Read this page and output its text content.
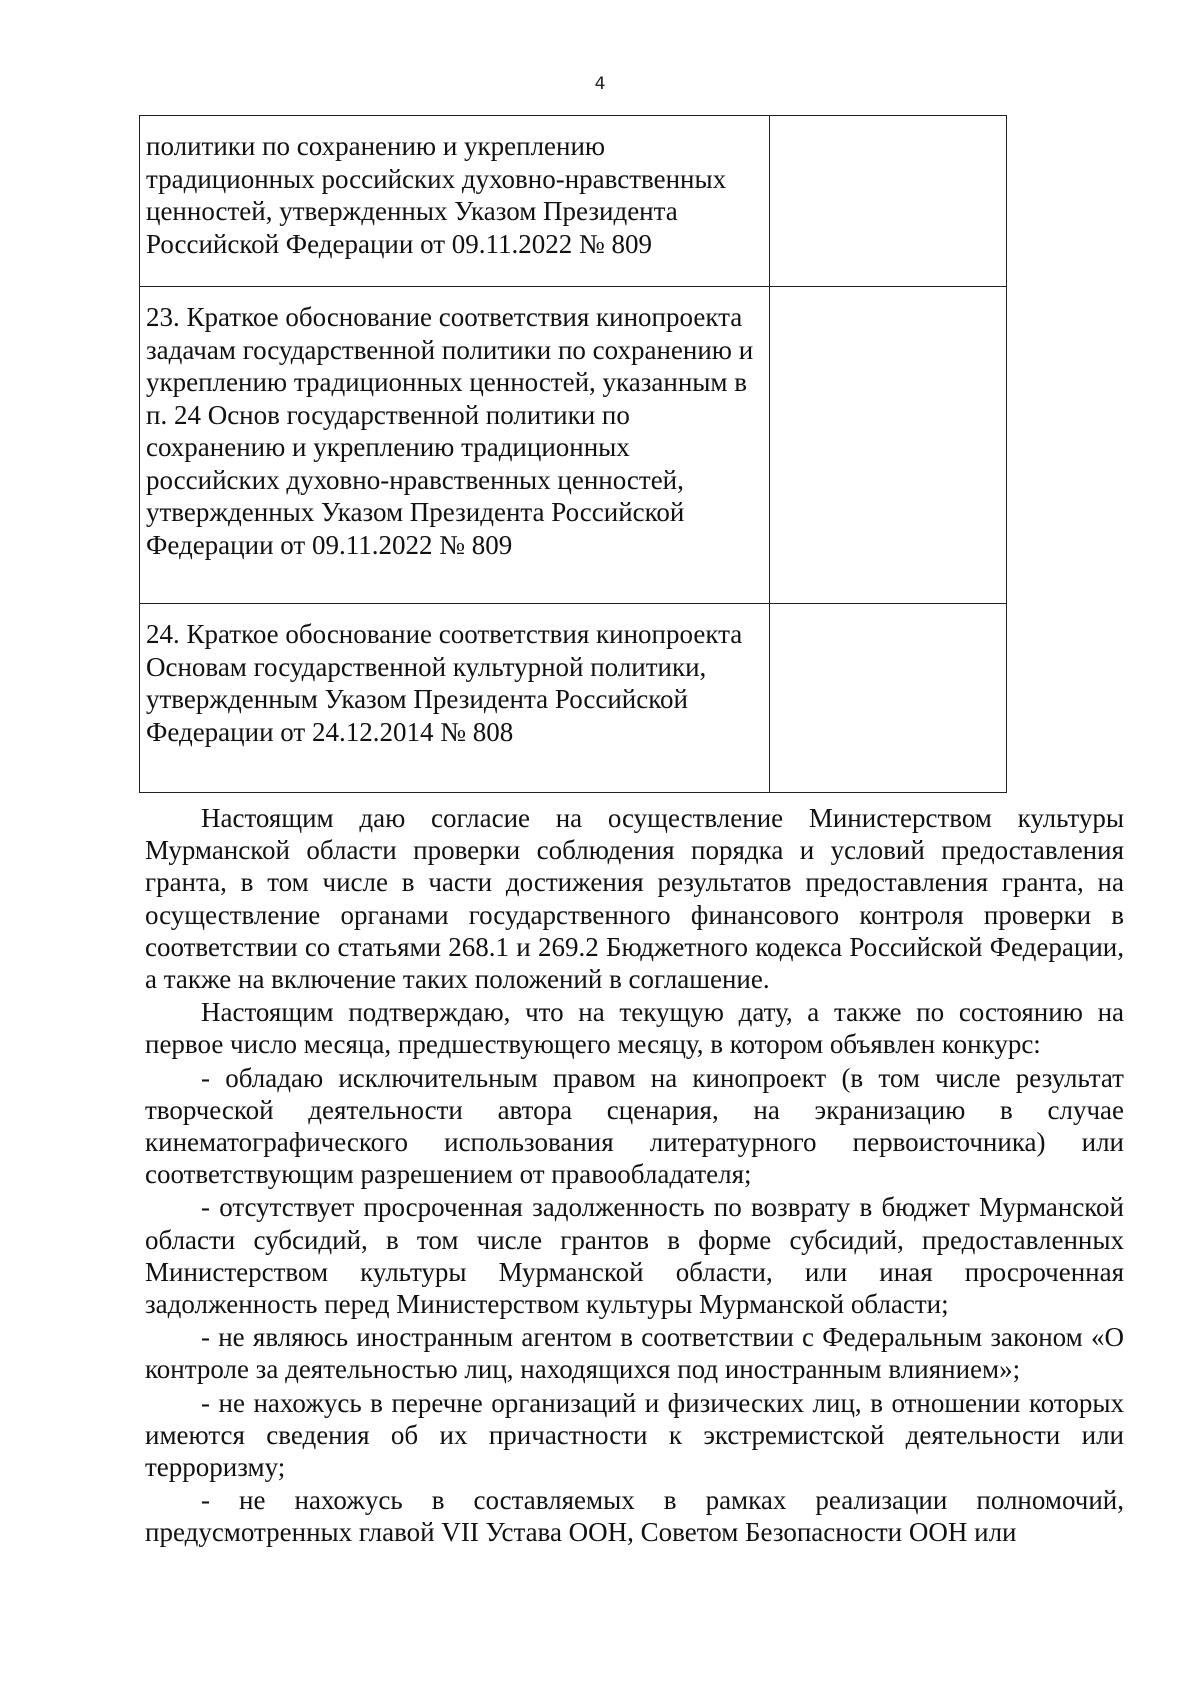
4
политики по сохранению и укреплению традиционных российских духовно-нравственных ценностей, утвержденных Указом Президента Российской Федерации от 09.11.2022 № 809	
23. Краткое обоснование соответствия кинопроекта задачам государственной политики по сохранению и укреплению традиционных ценностей, указанным в п. 24 Основ государственной политики по сохранению и укреплению традиционных российских духовно-нравственных ценностей, утвержденных Указом Президента Российской Федерации от 09.11.2022 № 809	
24. Краткое обоснование соответствия кинопроекта Основам государственной культурной политики, утвержденным Указом Президента Российской Федерации от 24.12.2014 № 808	

Настоящим даю согласие на осуществление Министерством культуры Мурманской области проверки соблюдения порядка и условий предоставления гранта, в том числе в части достижения результатов предоставления гранта, на осуществление органами государственного финансового контроля проверки в соответствии со статьями 268.1 и 269.2 Бюджетного кодекса Российской Федерации, а также на включение таких положений в соглашение.

Настоящим подтверждаю, что на текущую дату, а также по состоянию на первое число месяца, предшествующего месяцу, в котором объявлен конкурс:

- обладаю исключительным правом на кинопроект (в том числе результат творческой деятельности автора сценария, на экранизацию в случае кинематографического использования литературного первоисточника) или соответствующим разрешением от правообладателя;

- отсутствует просроченная задолженность по возврату в бюджет Мурманской области субсидий, в том числе грантов в форме субсидий, предоставленных Министерством культуры Мурманской области, или иная просроченная задолженность перед Министерством культуры Мурманской области;

- не являюсь иностранным агентом в соответствии с Федеральным законом «О контроле за деятельностью лиц, находящихся под иностранным влиянием»;

- не нахожусь в перечне организаций и физических лиц, в отношении которых имеются сведения об их причастности к экстремистской деятельности или терроризму;

- не нахожусь в составляемых в рамках реализации полномочий, предусмотренных главой VII Устава ООН, Советом Безопасности ООН или
